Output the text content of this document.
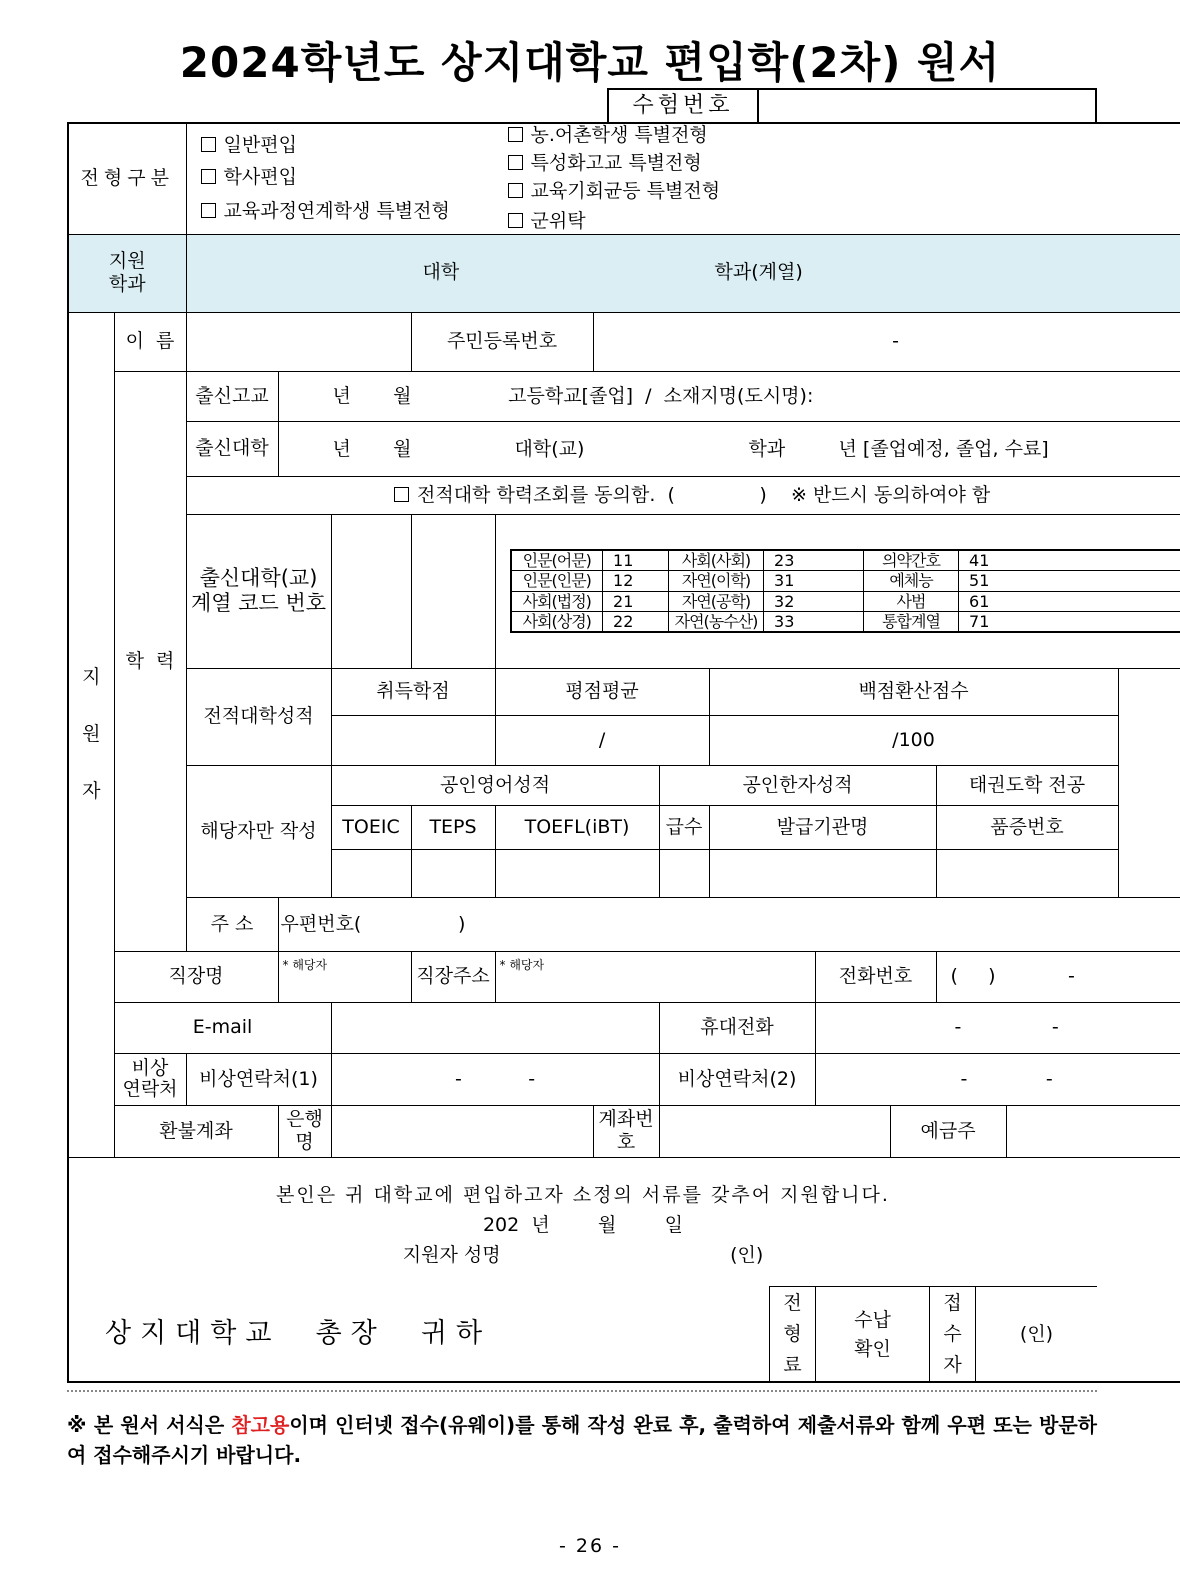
2024학년도 상지대학교 편입학(2차) 원서
수험번호	
전형구분	
일반편입
학사편입
교육과정연계학생 특별전형
농.어촌학생 특별전형
특성화고교 특별전형
교육기회균등 특별전형
군위탁

지원
학과

대학	학과(계열)

지
원
자
	이  름		주민등록번호	-
학  력	출신고교	년       월                고등학교[졸업]  /  소재지명(도시명):
출신대학	년       월	대학(교)	학과	년 [졸업예정, 졸업, 수료]

전적대학 학력조회를 동의함.  (              )    ※ 반드시 동의하여야 함

출신대학(교)
계열 코드 번호

인문(어문)	11	사회(사회)	23	의약간호	41
인문(인문)	12	자연(이학)	31	예체능	51
사회(법정)	21	자연(공학)	32	사범	61
사회(상경)	22	자연(농수산)	33	통합계열	71

전적대학성적	취득학점	평점평균	백점환산점수
	/	/100
해당자만 작성	공인영어성적	공인한자성적	태권도학 전공
TOEIC	TEPS	TOEFL(iBT)	급수	발급기관명	품증번호

주 소	우편번호(                )
직장명	* 해당자	직장주소	* 해당자	전화번호	(     )            -
E-mail		휴대전화	-               -

비상
연락처	비상연락처(1)	-           -	비상연락처(2)	-             -
환불계좌	은행명		계좌번호		예금주	

본인은 귀 대학교에 편입하고자 소정의 서류를 갖추어 지원합니다.
202  년        월        일
지원자 성명                                      (인)
상지대학교  총장  귀하
전
형
료

수납
확인

접
수
자
	(인)
※ 본 원서 서식은 참고용이며 인터넷 접수(유웨이)를 통해 작성 완료 후, 출력하여 제출서류와 함께 우편 또는 방문하여 접수해주시기 바랍니다.
- 26 -
